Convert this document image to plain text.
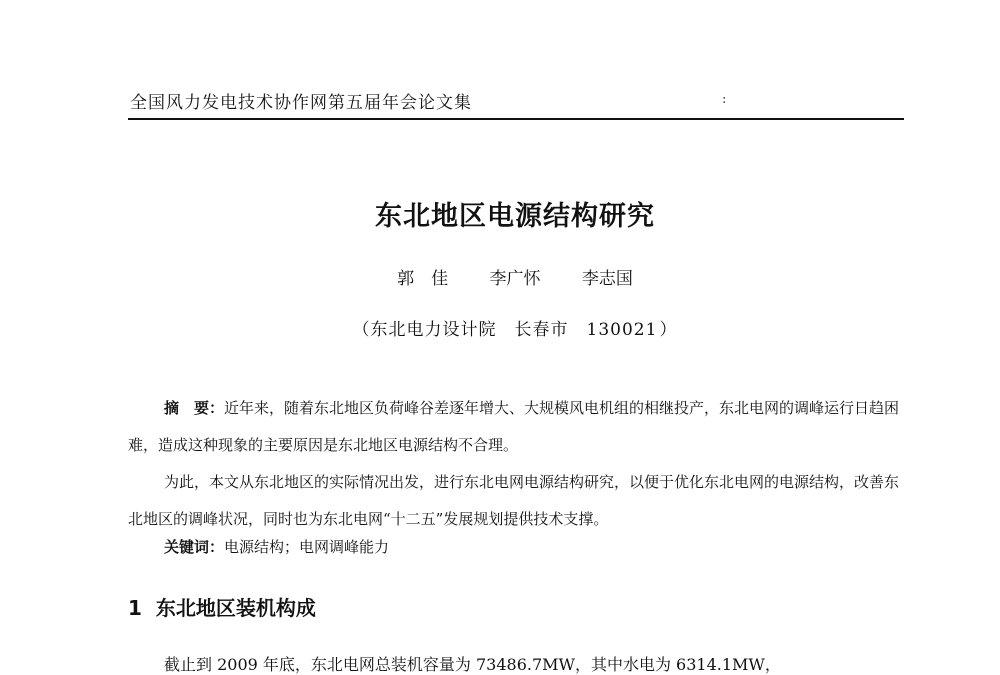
全国风力发电技术协作网第五届年会论文集	:
东北地区电源结构研究
郭　佳 李广怀 李志国
（东北电力设计院 长春市 130021 ）

摘　要：近年来，随着东北地区负荷峰谷差逐年增大、大规模风电机组的相继投产，东北电网的调峰运行日趋困难，造成这种现象的主要原因是东北地区电源结构不合理。

为此，本文从东北地区的实际情况出发，进行东北电网电源结构研究，以便于优化东北电网的电源结构，改善东北地区的调峰状况，同时也为东北电网“十二五”发展规划提供技术支撑。

关键词：电源结构；电网调峰能力
1 东北地区装机构成
截止到 2009 年底，东北电网总装机容量为 73486.7MW，其中水电为 6314.1MW，
